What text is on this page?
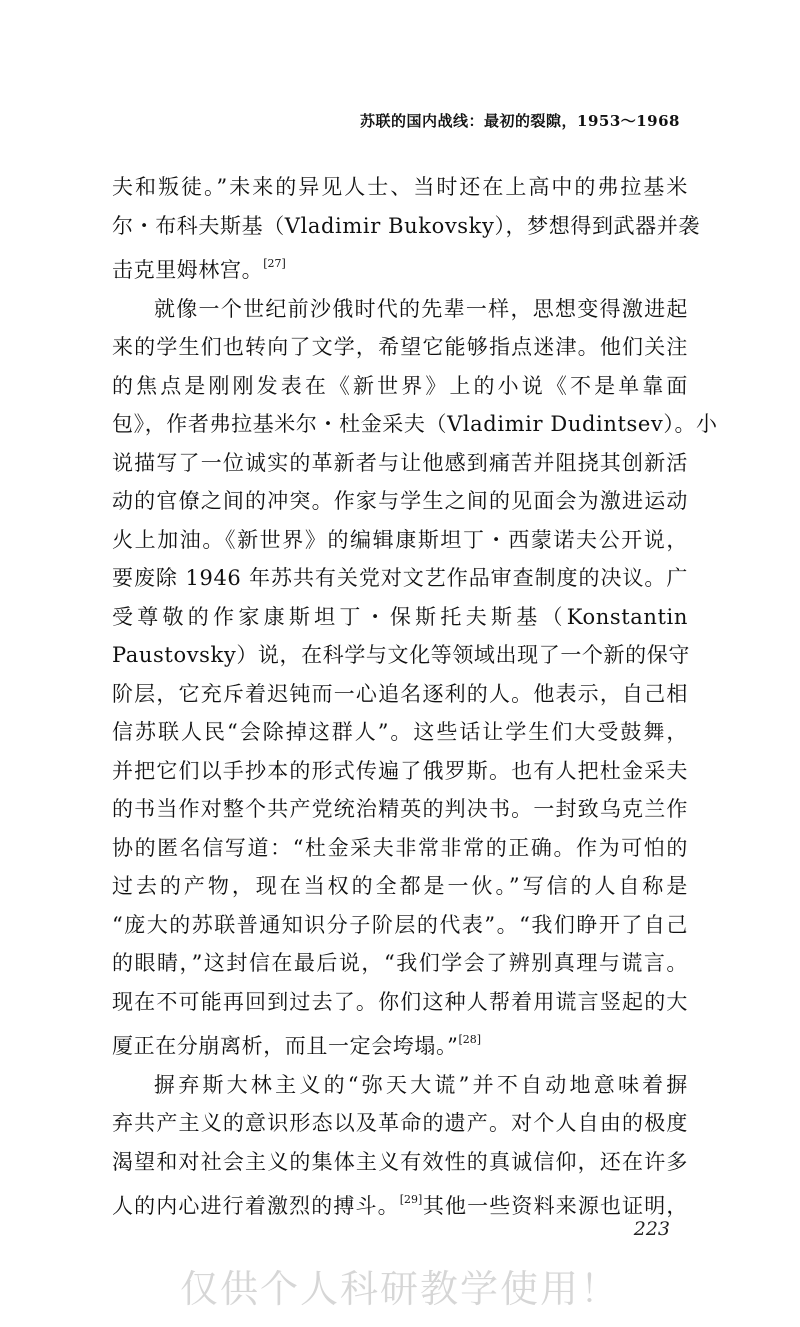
苏联的国内战线：最初的裂隙，1953～1968

夫和叛徒。”未来的异见人士、当时还在上高中的弗拉基米
尔・布科夫斯基（Vladimir Bukovsky），梦想得到武器并袭
击克里姆林宫。[27]

就像一个世纪前沙俄时代的先辈一样，思想变得激进起
来的学生们也转向了文学，希望它能够指点迷津。他们关注
的焦点是刚刚发表在《新世界》上的小说《不是单靠面
包》，作者弗拉基米尔・杜金采夫（Vladimir Dudintsev）。小
说描写了一位诚实的革新者与让他感到痛苦并阻挠其创新活
动的官僚之间的冲突。作家与学生之间的见面会为激进运动
火上加油。《新世界》的编辑康斯坦丁・西蒙诺夫公开说，
要废除 1946 年苏共有关党对文艺作品审查制度的决议。广
受尊敬的作家康斯坦丁・保斯托夫斯基（Konstantin
Paustovsky）说，在科学与文化等领域出现了一个新的保守
阶层，它充斥着迟钝而一心追名逐利的人。他表示，自己相
信苏联人民“会除掉这群人”。这些话让学生们大受鼓舞，
并把它们以手抄本的形式传遍了俄罗斯。也有人把杜金采夫
的书当作对整个共产党统治精英的判决书。一封致乌克兰作
协的匿名信写道：“杜金采夫非常非常的正确。作为可怕的
过去的产物，现在当权的全都是一伙。”写信的人自称是
“庞大的苏联普通知识分子阶层的代表”。“我们睁开了自己
的眼睛，”这封信在最后说，“我们学会了辨别真理与谎言。
现在不可能再回到过去了。你们这种人帮着用谎言竖起的大
厦正在分崩离析，而且一定会垮塌。”[28]

摒弃斯大林主义的“弥天大谎”并不自动地意味着摒
弃共产主义的意识形态以及革命的遗产。对个人自由的极度
渴望和对社会主义的集体主义有效性的真诚信仰，还在许多
人的内心进行着激烈的搏斗。[29]其他一些资料来源也证明，

223
仅供个人科研教学使用！
